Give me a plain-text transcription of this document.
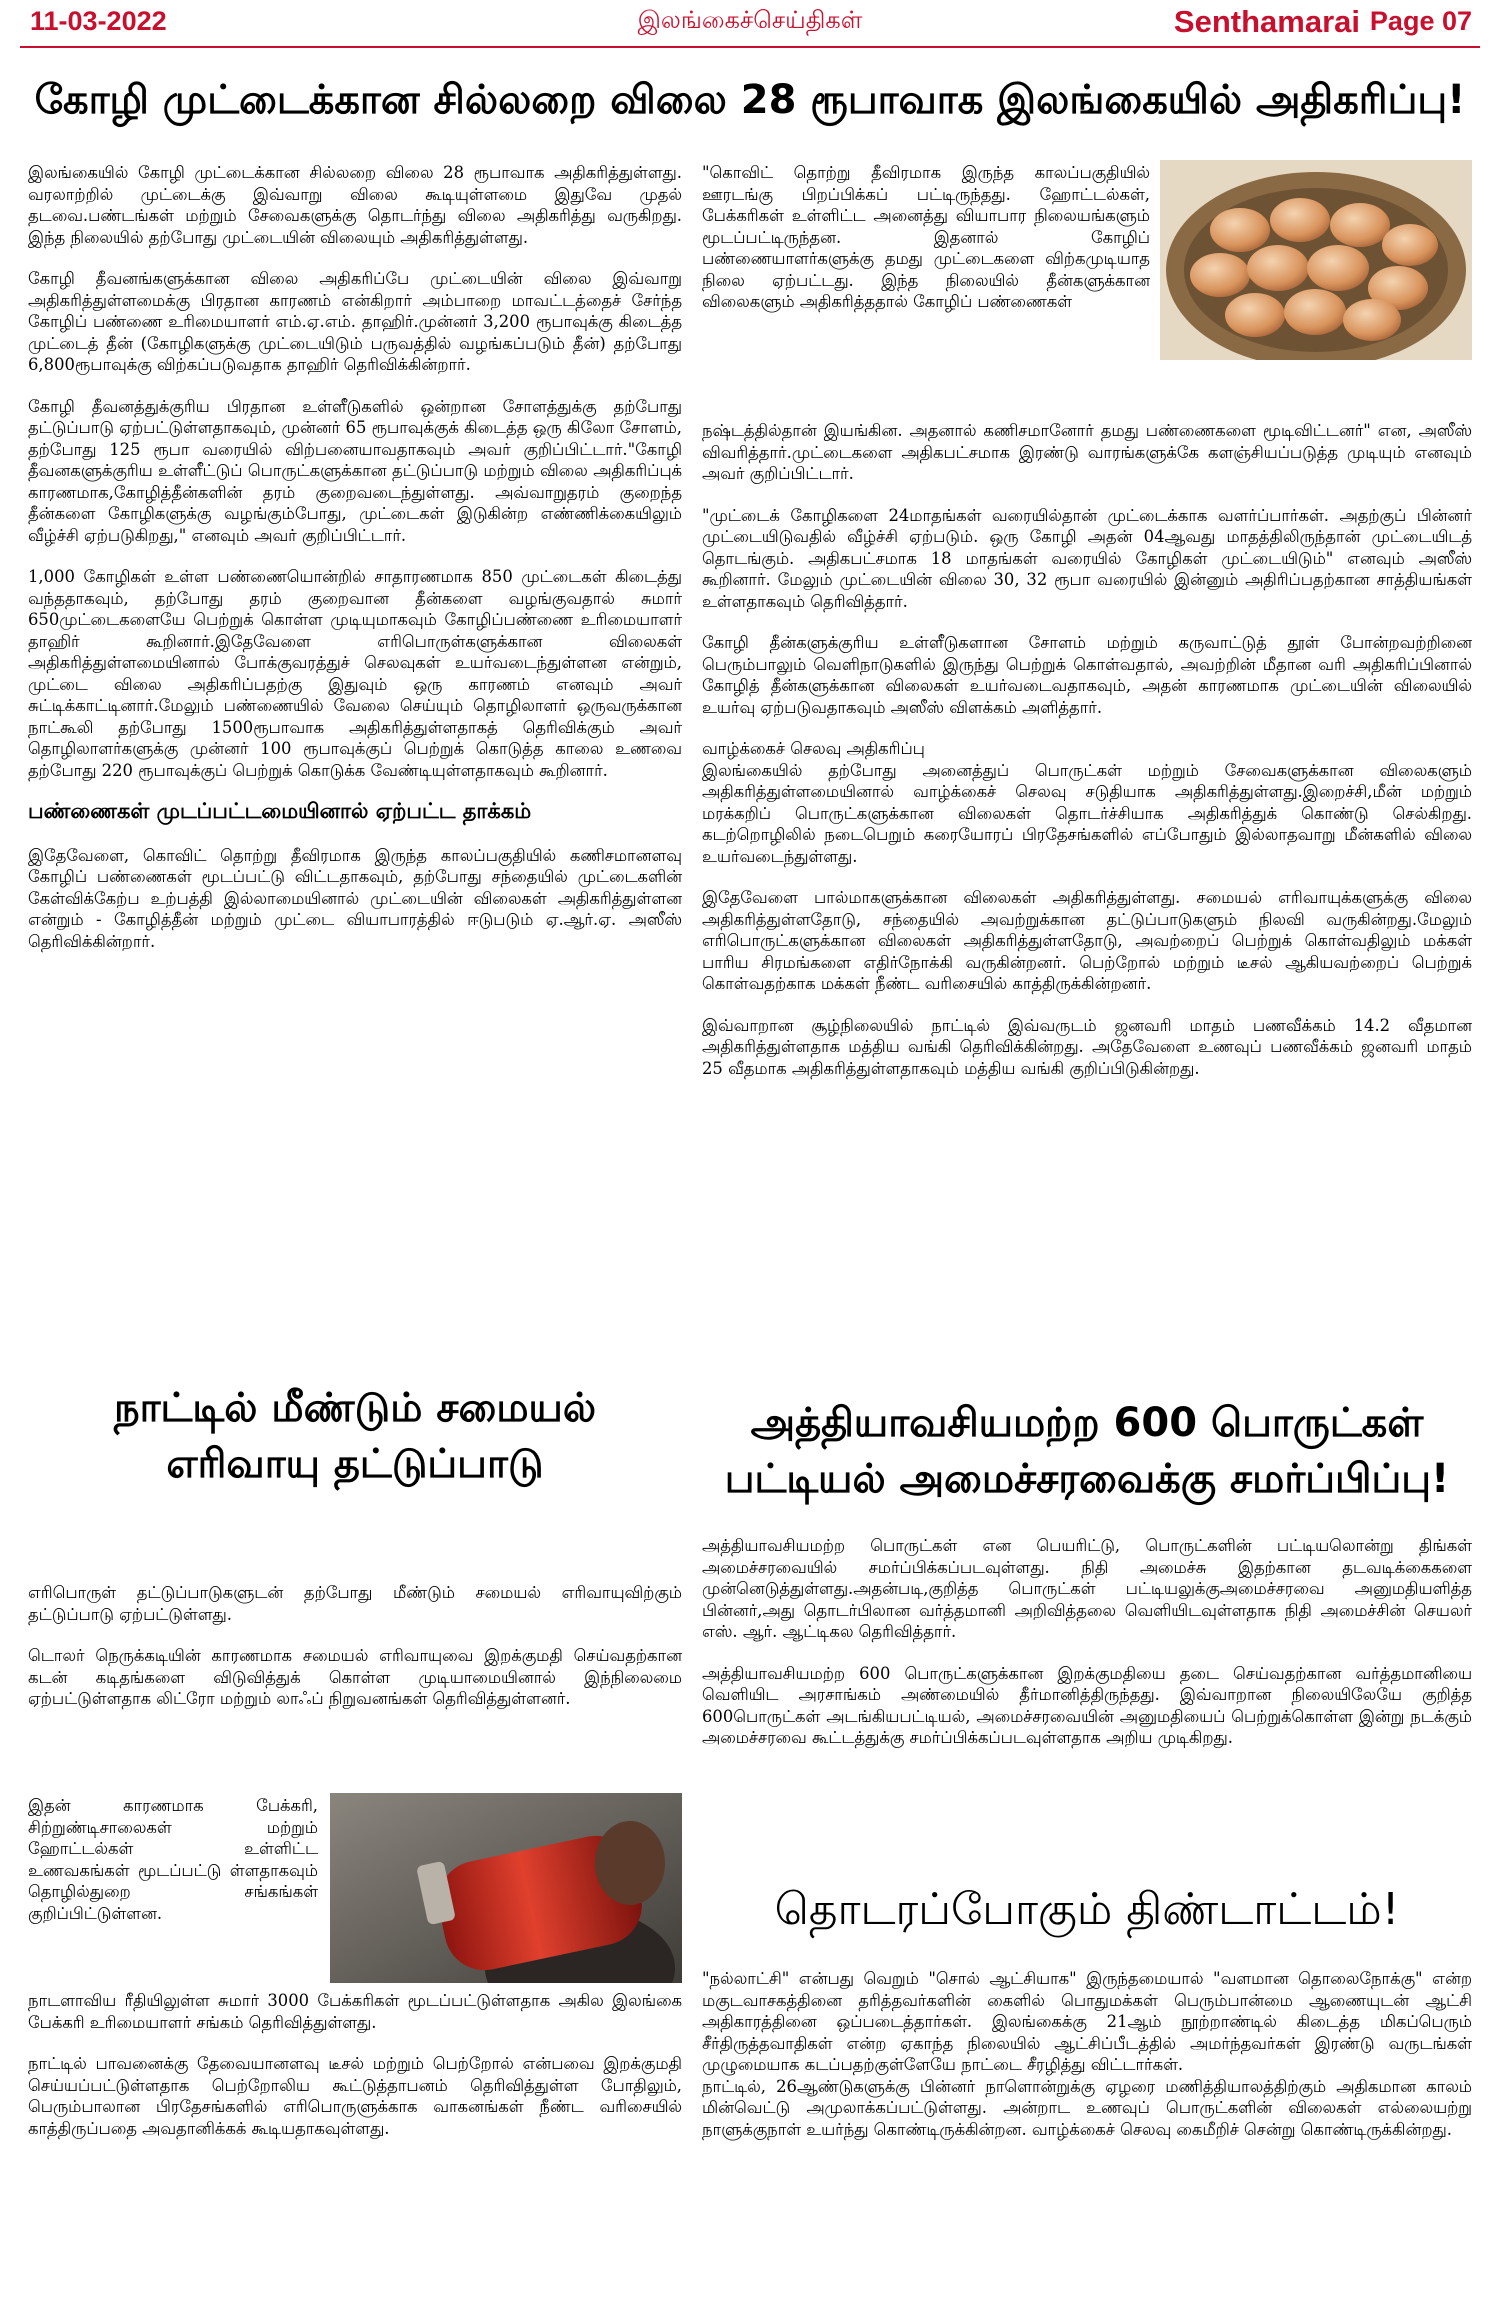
11-03-2022	இலங்கைச்செய்திகள்	Senthamarai Page 07
கோழி முட்டைக்கான சில்லறை விலை 28 ரூபாவாக இலங்கையில் அதிகரிப்பு!

இலங்கையில் கோழி முட்டைக்கான சில்லறை விலை 28 ரூபாவாக அதிகரித்துள்ளது. வரலாற்றில் முட்டைக்கு இவ்வாறு விலை கூடியுள்ளமை இதுவே முதல் தடவை.பண்டங்கள் மற்றும் சேவைகளுக்கு தொடர்ந்து விலை அதிகரித்து வருகிறது. இந்த நிலையில் தற்போது முட்டையின் விலையும் அதிகரித்துள்ளது.

கோழி தீவனங்களுக்கான விலை அதிகரிப்பே முட்டையின் விலை இவ்வாறு அதிகரித்துள்ளமைக்கு பிரதான காரணம் என்கிறார் அம்பாறை மாவட்டத்தைச் சேர்ந்த கோழிப் பண்ணை உரிமையாளர் எம்.ஏ.எம். தாஹிர்.முன்னர் 3,200 ரூபாவுக்கு கிடைத்த முட்டைத் தீன் (கோழிகளுக்கு முட்டையிடும் பருவத்தில் வழங்கப்படும் தீன்) தற்போது 6,800ரூபாவுக்கு விற்கப்படுவதாக தாஹிர் தெரிவிக்கின்றார்.

கோழி தீவனத்துக்குரிய பிரதான உள்ளீடுகளில் ஒன்றான சோளத்துக்கு தற்போது தட்டுப்பாடு ஏற்பட்டுள்ளதாகவும், முன்னர் 65 ரூபாவுக்குக் கிடைத்த ஒரு கிலோ சோளம், தற்போது 125 ரூபா வரையில் விற்பனையாவதாகவும் அவர் குறிப்பிட்டார்."கோழி தீவனகளுக்குரிய உள்ளீட்டுப் பொருட்களுக்கான தட்டுப்பாடு மற்றும் விலை அதிகரிப்புக் காரணமாக,கோழித்தீன்களின் தரம் குறைவடைந்துள்ளது. அவ்வாறுதரம் குறைந்த தீன்களை கோழிகளுக்கு வழங்கும்போது, முட்டைகள் இடுகின்ற எண்ணிக்கையிலும் வீழ்ச்சி ஏற்படுகிறது," எனவும் அவர் குறிப்பிட்டார்.

1,000 கோழிகள் உள்ள பண்ணையொன்றில் சாதாரணமாக 850 முட்டைகள் கிடைத்து வந்ததாகவும், தற்போது தரம் குறைவான தீன்களை வழங்குவதால் சுமார் 650முட்டைகளையே பெற்றுக் கொள்ள முடியுமாகவும் கோழிப்பண்ணை உரிமையாளர் தாஹிர் கூறினார்.இதேவேளை எரிபொருள்களுக்கான விலைகள் அதிகரித்துள்ளமையினால் போக்குவரத்துச் செலவுகள் உயர்வடைந்துள்ளன என்றும், முட்டை விலை அதிகரிப்பதற்கு இதுவும் ஒரு காரணம் எனவும் அவர் சுட்டிக்காட்டினார்.மேலும் பண்ணையில் வேலை செய்யும் தொழிலாளர் ஒருவருக்கான நாட்கூலி தற்போது 1500ரூபாவாக அதிகரித்துள்ளதாகத் தெரிவிக்கும் அவர் தொழிலாளர்களுக்கு முன்னர் 100 ரூபாவுக்குப் பெற்றுக் கொடுத்த காலை உணவை தற்போது 220 ரூபாவுக்குப் பெற்றுக் கொடுக்க வேண்டியுள்ளதாகவும் கூறினார்.

பண்ணைகள் முடப்பட்டமையினால் ஏற்பட்ட தாக்கம்

இதேவேளை, கொவிட் தொற்று தீவிரமாக இருந்த காலப்பகுதியில் கணிசமானளவு கோழிப் பண்ணைகள் மூடப்பட்டு விட்டதாகவும், தற்போது சந்தையில் முட்டைகளின் கேள்விக்கேற்ப உற்பத்தி இல்லாமையினால் முட்டையின் விலைகள் அதிகரித்துள்ளன என்றும் - கோழித்தீன் மற்றும் முட்டை வியாபாரத்தில் ஈடுபடும் ஏ.ஆர்.ஏ. அஸீஸ் தெரிவிக்கின்றார்.

நாட்டில் மீண்டும் சமையல்
எரிவாயு தட்டுப்பாடு

எரிபொருள் தட்டுப்பாடுகளுடன் தற்போது மீண்டும் சமையல் எரிவாயுவிற்கும் தட்டுப்பாடு ஏற்பட்டுள்ளது.

டொலர் நெருக்கடியின் காரணமாக சமையல் எரிவாயுவை இறக்குமதி செய்வதற்கான கடன் கடிதங்களை விடுவித்துக் கொள்ள முடியாமையினால் இந்நிலைமை ஏற்பட்டுள்ளதாக லிட்ரோ மற்றும் லாஃப் நிறுவனங்கள் தெரிவித்துள்ளனர்.

இதன் காரணமாக பேக்கரி, சிற்றுண்டிசாலைகள் மற்றும் ஹோட்டல்கள் உள்ளிட்ட உணவகங்கள் மூடப்பட்டு ள்ளதாகவும் தொழில்துறை சங்கங்கள் குறிப்பிட்டுள்ளன.

நாடளாவிய ரீதியிலுள்ள சுமார் 3000 பேக்கரிகள் மூடப்பட்டுள்ளதாக அகில இலங்கை பேக்கரி உரிமையாளர் சங்கம் தெரிவித்துள்ளது.

நாட்டில் பாவனைக்கு தேவையானளவு டீசல் மற்றும் பெற்றோல் என்பவை இறக்குமதி செய்யப்பட்டுள்ளதாக பெற்றோலிய கூட்டுத்தாபனம் தெரிவித்துள்ள போதிலும், பெரும்பாலான பிரதேசங்களில் எரிபொருளுக்காக வாகனங்கள் நீண்ட வரிசையில் காத்திருப்பதை அவதானிக்கக் கூடியதாகவுள்ளது.

"கொவிட் தொற்று தீவிரமாக இருந்த காலப்பகுதியில் ஊரடங்கு பிறப்பிக்கப் பட்டிருந்தது. ஹோட்டல்கள், பேக்கரிகள் உள்ளிட்ட அனைத்து வியாபார நிலையங்களும் மூடப்பட்டிருந்தன. இதனால் கோழிப் பண்ணையாளர்களுக்கு தமது முட்டைகளை விற்கமுடியாத நிலை ஏற்பட்டது. இந்த நிலையில் தீன்களுக்கான விலைகளும் அதிகரித்ததால் கோழிப் பண்ணைகள்

நஷ்டத்தில்தான் இயங்கின. அதனால் கணிசமானோர் தமது பண்ணைகளை மூடிவிட்டனர்" என, அஸீஸ் விவரித்தார்.முட்டைகளை அதிகபட்சமாக இரண்டு வாரங்களுக்கே களஞ்சியப்படுத்த முடியும் எனவும் அவர் குறிப்பிட்டார்.

"முட்டைக் கோழிகளை 24மாதங்கள் வரையில்தான் முட்டைக்காக வளர்ப்பார்கள். அதற்குப் பின்னர் முட்டையிடுவதில் வீழ்ச்சி ஏற்படும். ஒரு கோழி அதன் 04ஆவது மாதத்திலிருந்தான் முட்டையிடத் தொடங்கும். அதிகபட்சமாக 18 மாதங்கள் வரையில் கோழிகள் முட்டையிடும்" எனவும் அஸீஸ் கூறினார். மேலும் முட்டையின் விலை 30, 32 ரூபா வரையில் இன்னும் அதிரிப்பதற்கான சாத்தியங்கள் உள்ளதாகவும் தெரிவித்தார்.

கோழி தீன்களுக்குரிய உள்ளீடுகளான சோளம் மற்றும் கருவாட்டுத் தூள் போன்றவற்றினை பெரும்பாலும் வெளிநாடுகளில் இருந்து பெற்றுக் கொள்வதால், அவற்றின் மீதான வரி அதிகரிப்பினால் கோழித் தீன்களுக்கான விலைகள் உயர்வடைவதாகவும், அதன் காரணமாக முட்டையின் விலையில் உயர்வு ஏற்படுவதாகவும் அஸீஸ் விளக்கம் அளித்தார்.

வாழ்க்கைச் செலவு அதிகரிப்பு
இலங்கையில் தற்போது அனைத்துப் பொருட்கள் மற்றும் சேவைகளுக்கான விலைகளும் அதிகரித்துள்ளமையினால் வாழ்க்கைச் செலவு சடுதியாக அதிகரித்துள்ளது.இறைச்சி,மீன் மற்றும் மரக்கறிப் பொருட்களுக்கான விலைகள் தொடர்ச்சியாக அதிகரித்துக் கொண்டு செல்கிறது. கடற்றொழிலில் நடைபெறும் கரையோரப் பிரதேசங்களில் எப்போதும் இல்லாதவாறு மீன்களில் விலை உயர்வடைந்துள்ளது.

இதேவேளை பால்மாகளுக்கான விலைகள் அதிகரித்துள்ளது. சமையல் எரிவாயுக்களுக்கு விலை அதிகரித்துள்ளதோடு, சந்தையில் அவற்றுக்கான தட்டுப்பாடுகளும் நிலவி வருகின்றது.மேலும் எரிபொருட்களுக்கான விலைகள் அதிகரித்துள்ளதோடு, அவற்றைப் பெற்றுக் கொள்வதிலும் மக்கள் பாரிய சிரமங்களை எதிர்நோக்கி வருகின்றனர். பெற்றோல் மற்றும் டீசல் ஆகியவற்றைப் பெற்றுக் கொள்வதற்காக மக்கள் நீண்ட வரிசையில் காத்திருக்கின்றனர்.

இவ்வாறான சூழ்நிலையில் நாட்டில் இவ்வருடம் ஜனவரி மாதம் பணவீக்கம் 14.2 வீதமான அதிகரித்துள்ளதாக மத்திய வங்கி தெரிவிக்கின்றது. அதேவேளை உணவுப் பணவீக்கம் ஜனவரி மாதம் 25 வீதமாக அதிகரித்துள்ளதாகவும் மத்திய வங்கி குறிப்பிடுகின்றது.

அத்தியாவசியமற்ற 600 பொருட்கள்
பட்டியல் அமைச்சரவைக்கு சமர்ப்பிப்பு!

அத்தியாவசியமற்ற பொருட்கள் என பெயரிட்டு, பொருட்களின் பட்டியலொன்று திங்கள் அமைச்சரவையில் சமர்ப்பிக்கப்படவுள்ளது. நிதி அமைச்சு இதற்கான தடவடிக்கைகளை முன்னெடுத்துள்ளது.அதன்படி,குறித்த பொருட்கள் பட்டியலுக்குஅமைச்சரவை அனுமதியளித்த பின்னர்,அது தொடர்பிலான வர்த்தமானி அறிவித்தலை வெளியிடவுள்ளதாக நிதி அமைச்சின் செயலர் எஸ். ஆர். ஆட்டிகல தெரிவித்தார்.

அத்தியாவசியமற்ற 600 பொருட்களுக்கான இறக்குமதியை தடை செய்வதற்கான வர்த்தமானியை வெளியிட அரசாங்கம் அண்மையில் தீர்மானித்திருந்தது. இவ்வாறான நிலையிலேயே குறித்த 600பொருட்கள் அடங்கியபட்டியல், அமைச்சரவையின் அனுமதியைப் பெற்றுக்கொள்ள இன்று நடக்கும் அமைச்சரவை கூட்டத்துக்கு சமர்ப்பிக்கப்படவுள்ளதாக அறிய முடிகிறது.

தொடரப்போகும் திண்டாட்டம்!

"நல்லாட்சி" என்பது வெறும் "சொல் ஆட்சியாக" இருந்தமையால் "வளமான தொலைநோக்கு" என்ற மகுடவாசகத்தினை தரித்தவர்களின் கைளில் பொதுமக்கள் பெரும்பான்மை ஆணையுடன் ஆட்சி அதிகாரத்தினை ஒப்படைத்தார்கள். இலங்கைக்கு 21ஆம் நூற்றாண்டில் கிடைத்த மிகப்பெரும் சீர்திருத்தவாதிகள் என்ற ஏகாந்த நிலையில் ஆட்சிப்பீடத்தில் அமர்ந்தவர்கள் இரண்டு வருடங்கள் முழுமையாக கடப்பதற்குள்ளேயே நாட்டை சீரழித்து விட்டார்கள்.

நாட்டில், 26ஆண்டுகளுக்கு பின்னர் நாளொன்றுக்கு ஏழரை மணித்தியாலத்திற்கும் அதிகமான காலம் மின்வெட்டு அமுலாக்கப்பட்டுள்ளது. அன்றாட உணவுப் பொருட்களின் விலைகள் எல்லையற்று நாளுக்குநாள் உயர்ந்து கொண்டிருக்கின்றன. வாழ்க்கைச் செலவு கைமீறிச் சென்று கொண்டிருக்கின்றது.
